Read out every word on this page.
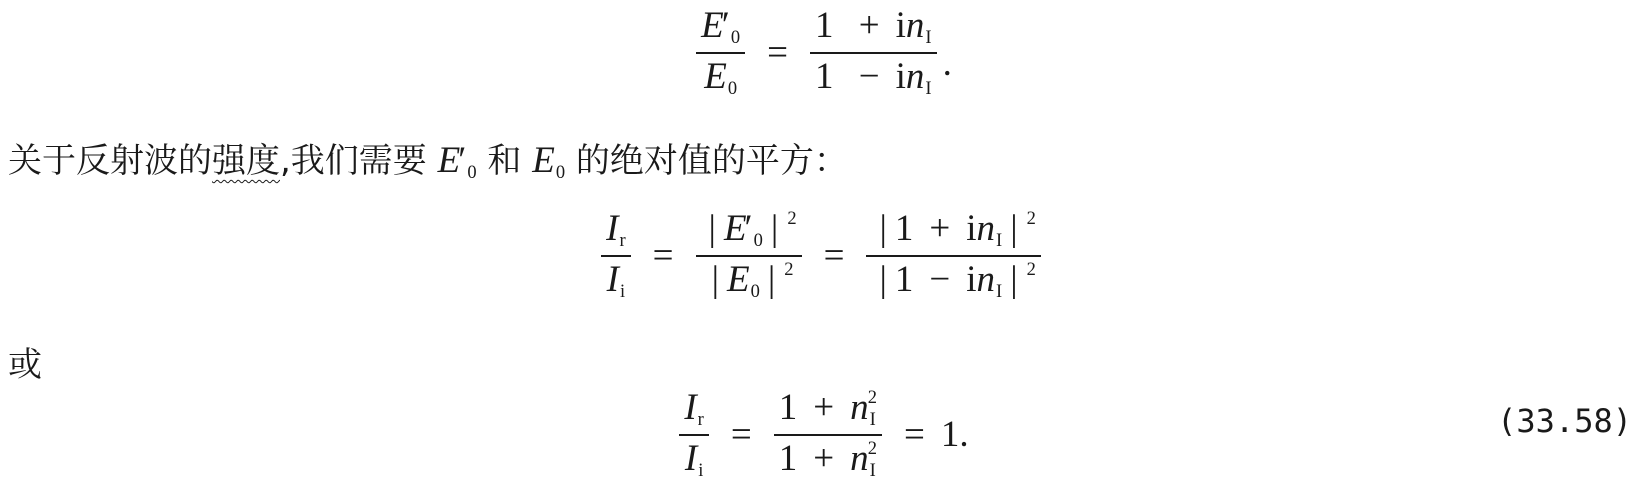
$\frac{E'_0}{E_0} = \frac{1 + in_I}{1 - in_I}$ .
关于反射波的强度,我们需要 $E'_0$ 和 $E_0$ 的绝对值的平方：
$\frac{I_r}{I_i} = \frac{| E'_0 | ^2}{| E_0 | ^2} = \frac{| 1 + in_I | ^2}{| 1 - in_I | ^2}$
或
$\frac{I_r}{I_i} = \frac{1 + n_I^2}{1 + n_I^2} = 1$ .	(33.58)
